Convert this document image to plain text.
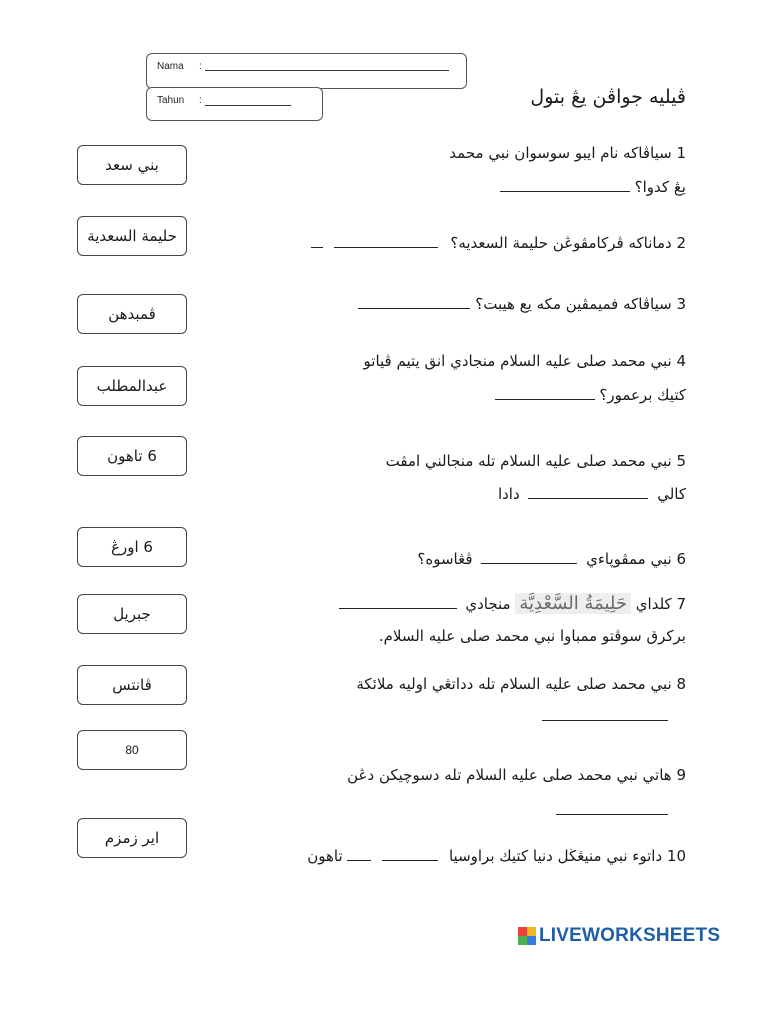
Nama :
Tahun :	ڤيليه جواڤن يڠ بتول
بني سعد
حليمة السعدية
ڤمبدهن
عبدالمطلب
6 تاهون
6 اورڠ
جبريل
ڤانتس
80
اير زمزم
1 سياڤاكه نام ايبو سوسوان نبي محمد
يڠ كدوا؟
2 دماناكه ڤركامڤوڠن حليمة السعديه؟
3 سياڤاكه فميمڤين مكه يع هيبت؟
4 نبي محمد صلى عليه السلام منجادي انق يتيم ڤياتو
كتيك برعمور؟
5 نبي محمد صلى عليه السلام تله منجالني امڤت
كالي  دادا
6 نبي ممڤوڽاءي  ڤڠاسوه؟
7 كلداي حَلِيمَةُ السَّعْدِيَّة منجادي
برکرق سوڤتو ممباوا نبي محمد صلى عليه السلام.
8 نبي محمد صلى عليه السلام تله دداتڠي اوليه ملائكة
9 هاتي نبي محمد صلى عليه السلام تله دسوچيكن دڠن
10 داتوء نبي منيڠڬل دنيا كتيك براوسيا   تاهون
LIVEWORKSHEETS
